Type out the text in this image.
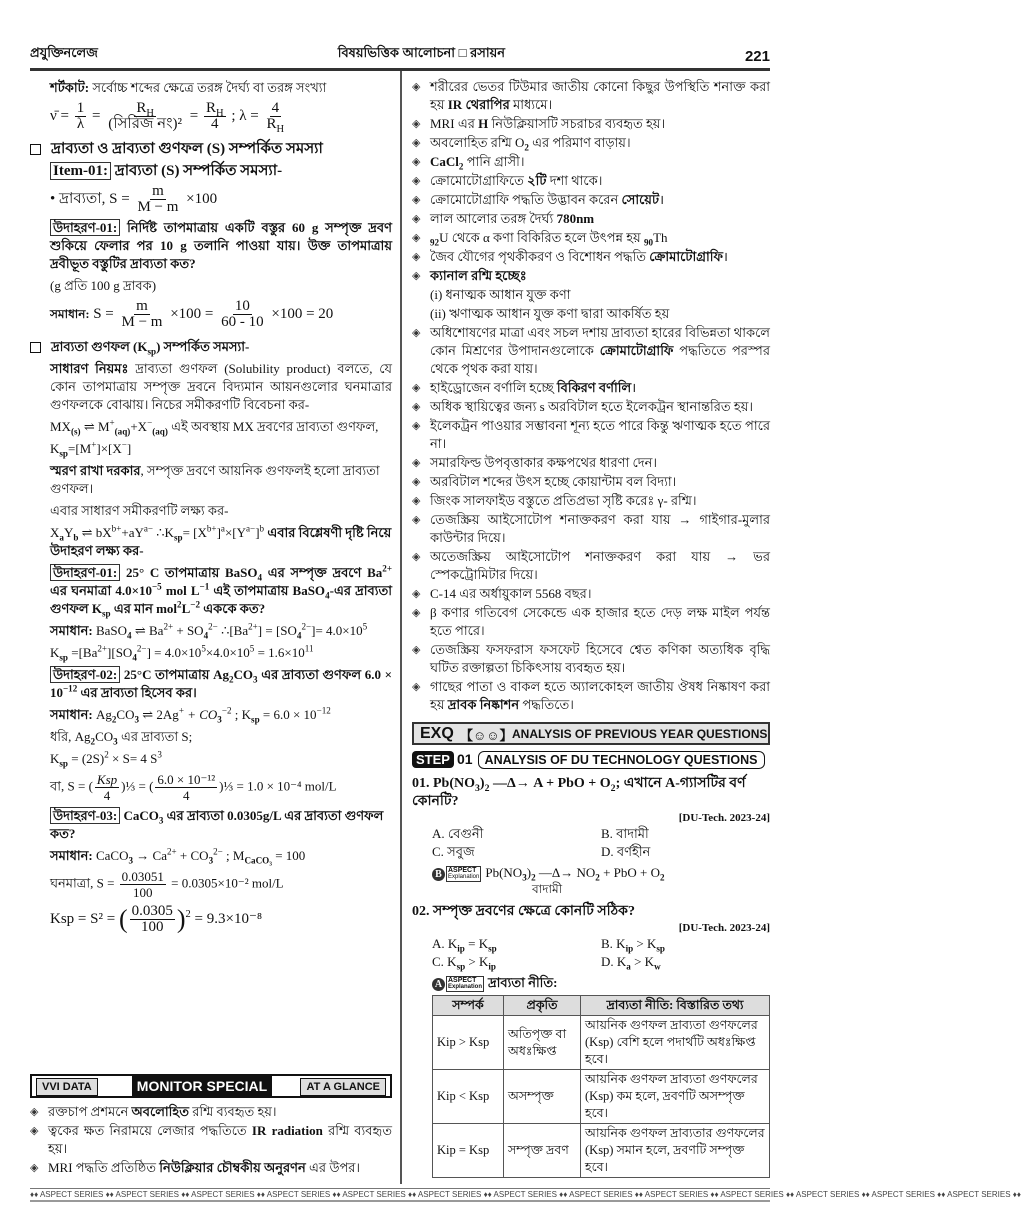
প্রযুক্তিনলেজ	বিষয়ভিত্তিক আলোচনা □ রসায়ন	221
শর্টকাট: সর্বোচ্চ শব্দের ক্ষেত্রে তরঙ্গ দৈর্ঘ্য বা তরঙ্গ সংখ্যা
ν̄ = $\frac{1}{\lambda} = \frac{R_H}{\text{(সিরিজ নং)²}} = \frac{R_H}{4}$ ; $\lambda = \frac{4}{R_H}$
দ্রাব্যতা ও দ্রাব্যতা গুণফল (S) সম্পর্কিত সমস্যা
Item-01: দ্রাব্যতা (S) সম্পর্কিত সমস্যা-
• দ্রাব্যতা, $S = \frac{m}{M - m} \times 100$
উদাহরণ-01: নির্দিষ্ট তাপমাত্রায় একটি বস্তুর 60 g সম্পৃক্ত দ্রবণ শুকিয়ে ফেলার পর 10 g তলানি পাওয়া যায়। উক্ত তাপমাত্রায় দ্রবীভূত বস্তুটির দ্রাব্যতা কত?
(g প্রতি 100 g দ্রাবক)
সমাধান: $S = \frac{m}{M - m} \times 100 = \frac{10}{60 - 10} \times 100 = 20$
দ্রাব্যতা গুণফল $(K_{sp})$ সম্পর্কিত সমস্যা-
সাধারণ নিয়মঃ দ্রাব্যতা গুণফল (Solubility product) বলতে, যে কোন তাপমাত্রায় সম্পৃক্ত দ্রবনে বিদ্যমান আয়নগুলোর ঘনমাত্রার গুণফলকে বোঝায়। নিচের সমীকরণটি বিবেচনা কর-
$MX_{(s)}$ ⇌ $M^+_{(aq)}+X^-_{(aq)}$ এই অবস্থায় MX দ্রবণের দ্রাব্যতা গুণফল,
$K_{sp}=[M^+]\times[X^-]$
স্মরণ রাখা দরকার, সম্পৃক্ত দ্রবণে আয়নিক গুণফলই হলো দ্রাব্যতা গুণফল।
এবার সাধারণ সমীকরণটি লক্ষ্য কর-
$X_aY_b$ ⇌ $bX^{b+}+aY^{a-}$ $\therefore K_{sp}= [X^{b+}]^a\times[Y^{a-}]^b$ এবার বিশ্লেষণী দৃষ্টি নিয়ে উদাহরণ লক্ষ্য কর-
উদাহরণ-01: 25° C তাপমাত্রায় BaSO$_4$ এর সম্পৃক্ত দ্রবণে $Ba^{2+}$ এর ঘনমাত্রা $4.0\times 10^{-5}$ mol $L^{-1}$ এই তাপমাত্রায় BaSO$_4$-এর দ্রাব্যতা গুণফল $K_{sp}$ এর মান $mol^2L^{-2}$ এককে কত?
সমাধান: BaSO$_4$ ⇌ $Ba^{2+} + SO_4^{2-}$ $\therefore[Ba^{2+}] = [SO_4^{2-}]= 4.0\times 10^5$
$K_{sp} =[Ba^{2+}][SO_4^{2-}] = 4.0\times 10^5\times 4.0\times 10^5 = 1.6\times 10^{11}$
উদাহরণ-02: 25°C তাপমাত্রায় $Ag_2CO_3$ এর দ্রাব্যতা গুণফল $6.0 \times 10^{-12}$ এর দ্রাব্যতা হিসেব কর।
সমাধান: $Ag_2CO_3$ ⇌ $2Ag^+ + CO_3^{-2}$ ; $K_{sp} = 6.0 \times 10^{-12}$
ধরি, $Ag_2CO_3$ এর দ্রাব্যতা S;
$K_{sp} = (2S)^2 \times S= 4$ $S^3$
বা, S = ( $\frac{\text{Ksp}}{4}$ )⅓ = ( $\frac{\text{6.0 × 10⁻¹²}}{4}$ )⅓ = 1.0 × 10⁻⁴ mol/L
উদাহরণ-03: CaCO$_3$ এর দ্রাব্যতা 0.0305g/L এর দ্রাব্যতা গুণফল কত?
সমাধান: CaCO$_3$ → $Ca^{2+} + CO_3^{2-}$ ; $M_{CaCO_3} = 100$
ঘনমাত্রা, $S = \frac{0.03051}{100} = 0.0305\times 10^{-2}$ mol/L
Ksp = S² = ( $\frac{0.0305}{100} )^2 = 9.3\times 10^{-8}$
VVI DATA	MONITOR SPECIAL	AT A GLANCE
◈ রক্তচাপ প্রশমনে অবলোহিত রশ্মি ব্যবহৃত হয়।
◈ ত্বকের ক্ষত নিরাময়ে লেজার পদ্ধতিতে IR radiation রশ্মি ব্যবহৃত হয়।
◈ MRI পদ্ধতি প্রতিষ্ঠিত নিউক্লিয়ার চৌম্বকীয় অনুরণন এর উপর।
◈ শরীরের ভেতর টিউমার জাতীয় কোনো কিছুর উপস্থিতি শনাক্ত করা হয় IR থেরাপির মাধ্যমে।
◈ MRI এর H নিউক্লিয়াসটি সচরাচর ব্যবহৃত হয়।
◈ অবলোহিত রশ্মি $O_2$ এর পরিমাণ বাড়ায়।
◈ CaCl$_2$ পানি গ্রাসী।
◈ ক্রোমোটোগ্রাফিতে ২টি দশা থাকে।
◈ ক্রোমোটোগ্রাফি পদ্ধতি উদ্ভাবন করেন সোয়েট।
◈ লাল আলোর তরঙ্গ দৈর্ঘ্য 780nm
◈	$_{92}$U থেকে α কণা বিকিরিত হলে উৎপন্ন হয় $_{90}$Th
◈ জৈব যৌগের পৃথকীকরণ ও বিশোধন পদ্ধতি ক্রোমাটোগ্রাফি।
◈ ক্যানাল রশ্মি হচ্ছেঃ
(i) ধনাত্মক আধান যুক্ত কণা
(ii) ঋণাত্মক আধান যুক্ত কণা দ্বারা আকর্ষিত হয়
◈ অধিশোষণের মাত্রা এবং সচল দশায় দ্রাব্যতা হারের বিভিন্নতা থাকলে কোন মিশ্রণের উপাদানগুলোকে ক্রোমাটোগ্রাফি পদ্ধতিতে পরস্পর থেকে পৃথক করা যায়।
◈ হাইড্রোজেন বর্ণালি হচ্ছে বিকিরণ বর্ণালি।
◈ অধিক স্থায়িত্বের জন্য s অরবিটাল হতে ইলেকট্রন স্থানান্তরিত হয়।
◈ ইলেকট্রন পাওয়ার সম্ভাবনা শূন্য হতে পারে কিন্তু ঋণাত্মক হতে পারে না।
◈ সমারফিল্ড উপবৃত্তাকার কক্ষপথের ধারণা দেন।
◈ অরবিটাল শব্দের উৎস হচ্ছে কোয়ান্টাম বল বিদ্যা।
◈ জিংক সালফাইড বস্তুতে প্রতিপ্রভা সৃষ্টি করেঃ γ- রশ্মি।
◈ তেজস্ক্রিয় আইসোটোপ শনাক্তকরণ করা যায় → গাইগার-মুলার কাউন্টার দিয়ে।
◈ অতেজস্ক্রিয় আইসোটোপ শনাক্তকরণ করা যায় → ভর স্পেকট্রোমিটার দিয়ে।
◈ C-14 এর অর্ধায়ুকাল 5568 বছর।
◈ β কণার গতিবেগ সেকেন্ডে এক হাজার হতে দেড় লক্ষ মাইল পর্যন্ত হতে পারে।
◈ তেজস্ক্রিয় ফসফরাস ফসফেট হিসেবে শ্বেত কণিকা অত্যধিক বৃদ্ধি ঘটিত রক্তাল্পতা চিকিৎসায় ব্যবহৃত হয়।
◈ গাছের পাতা ও বাকল হতে অ্যালকোহল জাতীয় ঔষধ নিষ্কাষণ করা হয় দ্রাবক নিষ্কাশন পদ্ধতিতে।
EXQ 【☺☺】 ANALYSIS OF PREVIOUS YEAR QUESTIONS
STEP 01 ANALYSIS OF DU TECHNOLOGY QUESTIONS
01. $Pb(NO_3)_2$ —Δ→ A + PbO + $O_2$; এখানে A-গ্যাসটির বর্ণ কোনটি?
[DU-Tech. 2023-24]
A. বেগুনী	B. বাদামী
C. সবুজ	D. বর্ণহীন
B ASPECT
Explanation $Pb(NO_3)_2$ —Δ→ $NO_2$ + PbO + $O_2$
বাদামী
02. সম্পৃক্ত দ্রবণের ক্ষেত্রে কোনটি সঠিক?
[DU-Tech. 2023-24]
A. $K_{ip} = K_{sp}$	B. $K_{ip} > K_{sp}$
C. $K_{sp} > K_{ip}$	D. $K_a > K_w$
A ASPECT
Explanation দ্রাব্যতা নীতি:
সম্পর্ক	প্রকৃতি	দ্রাব্যতা নীতি: বিস্তারিত তথ্য
Kip > Ksp	অতিপৃক্ত বা অধঃক্ষিপ্ত	আয়নিক গুণফল দ্রাব্যতা গুণফলের (Ksp) বেশি হলে পদার্থটি অধঃক্ষিপ্ত হবে।
Kip < Ksp	অসম্পৃক্ত	আয়নিক গুণফল দ্রাব্যতা গুণফলের (Ksp) কম হলে, দ্রবণটি অসম্পৃক্ত হবে।
Kip = Ksp	সম্পৃক্ত দ্রবণ	আয়নিক গুণফল দ্রাব্যতার গুণফলের (Ksp) সমান হলে, দ্রবণটি সম্পৃক্ত হবে।
♦♦ ASPECT SERIES ♦♦ ASPECT SERIES ♦♦ ASPECT SERIES ♦♦ ASPECT SERIES ♦♦ ASPECT SERIES ♦♦ ASPECT SERIES ♦♦ ASPECT SERIES ♦♦ ASPECT SERIES ♦♦ ASPECT SERIES ♦♦ ASPECT SERIES ♦♦ ASPECT SERIES ♦♦ ASPECT SERIES ♦♦ ASPECT SERIES ♦♦
